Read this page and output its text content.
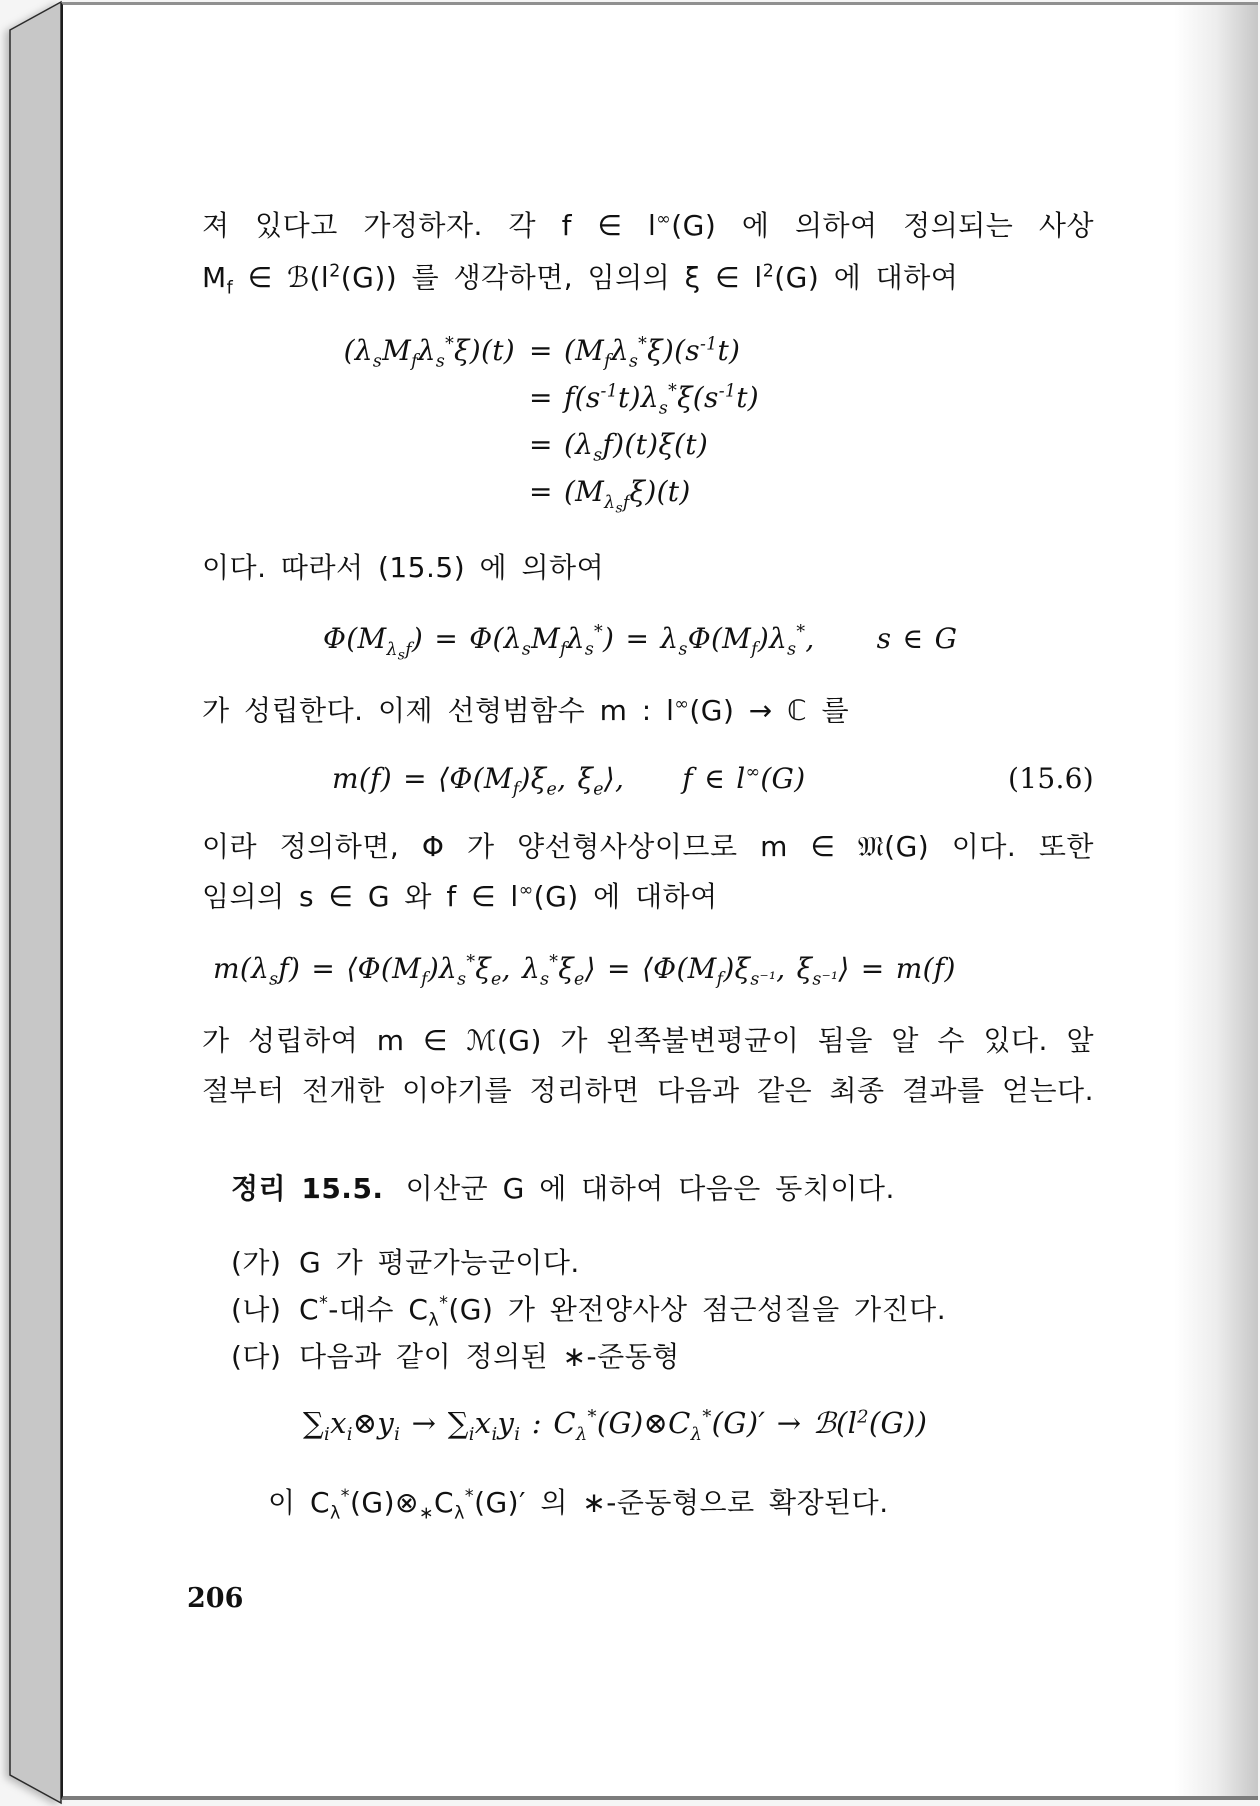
져 있다고 가정하자. 각 f ∈ l∞(G) 에 의하여 정의되는 사상
$M_f$ ∈ $ℬ(l^2(G))$ 를 생각하면, 임의의 ξ ∈ $l^2(G)$ 에 대하여
$(\lambda_sM_f\lambda_s^*\xi)(t) = (M_f\lambda_s^*\xi)(s^{-1}t)$
= $f(s^{-1}t)\lambda_s^*\xi(s^{-1}t)$
= $(\lambda_sf)(t)\xi(t)$
= $(M_{\lambda_sf}\xi)(t)$
이다. 따라서 (15.5) 에 의하여
$\Phi(M_{\lambda_sf}) = \Phi(\lambda_sM_f\lambda_s^*) = \lambda_s\Phi(M_f)\lambda_s^*$, s ∈ G
가 성립한다. 이제 선형범함수 m : l∞(G) → ℂ 를
$m(f) = ⟨\Phi(M_f)\xi_e$, $\xi_e⟩$, f ∈ l∞(G)	(15.6)
이라 정의하면, Φ 가 양선형사상이므로 m ∈ 𝔐(G) 이다. 또한
임의의 s ∈ G 와 f ∈ l∞(G) 에 대하여
$m(\lambda_sf)$ = $⟨\Phi(M_f)\lambda_s^*\xi_e$, $\lambda_s^*\xi_e⟩$ = $⟨\Phi(M_f)\xi_{s^{-1}}$, $\xi_{s^{-1}}⟩ = m(f)$
가 성립하여 m ∈ ℳ(G) 가 왼쪽불변평균이 됨을 알 수 있다. 앞
절부터 전개한 이야기를 정리하면 다음과 같은 최종 결과를 얻는다.
정리 15.5. 이산군 G 에 대하여 다음은 동치이다.
(가) G 가 평균가능군이다.
(나) C*-대수 $C_\lambda^*(G)$ 가 완전양사상 점근성질을 가진다.
(다) 다음과 같이 정의된 ∗-준동형
$\sum_ix_i\otimes y_i \to \sum_ix_iy_i$ : $C_\lambda^*(G)\otimes C_\lambda^*(G)'$ → $ℬ(l^2(G))$
이 $C_\lambda^*(G)\otimes_∗C_\lambda^*(G)'$ 의 ∗-준동형으로 확장된다.
206
